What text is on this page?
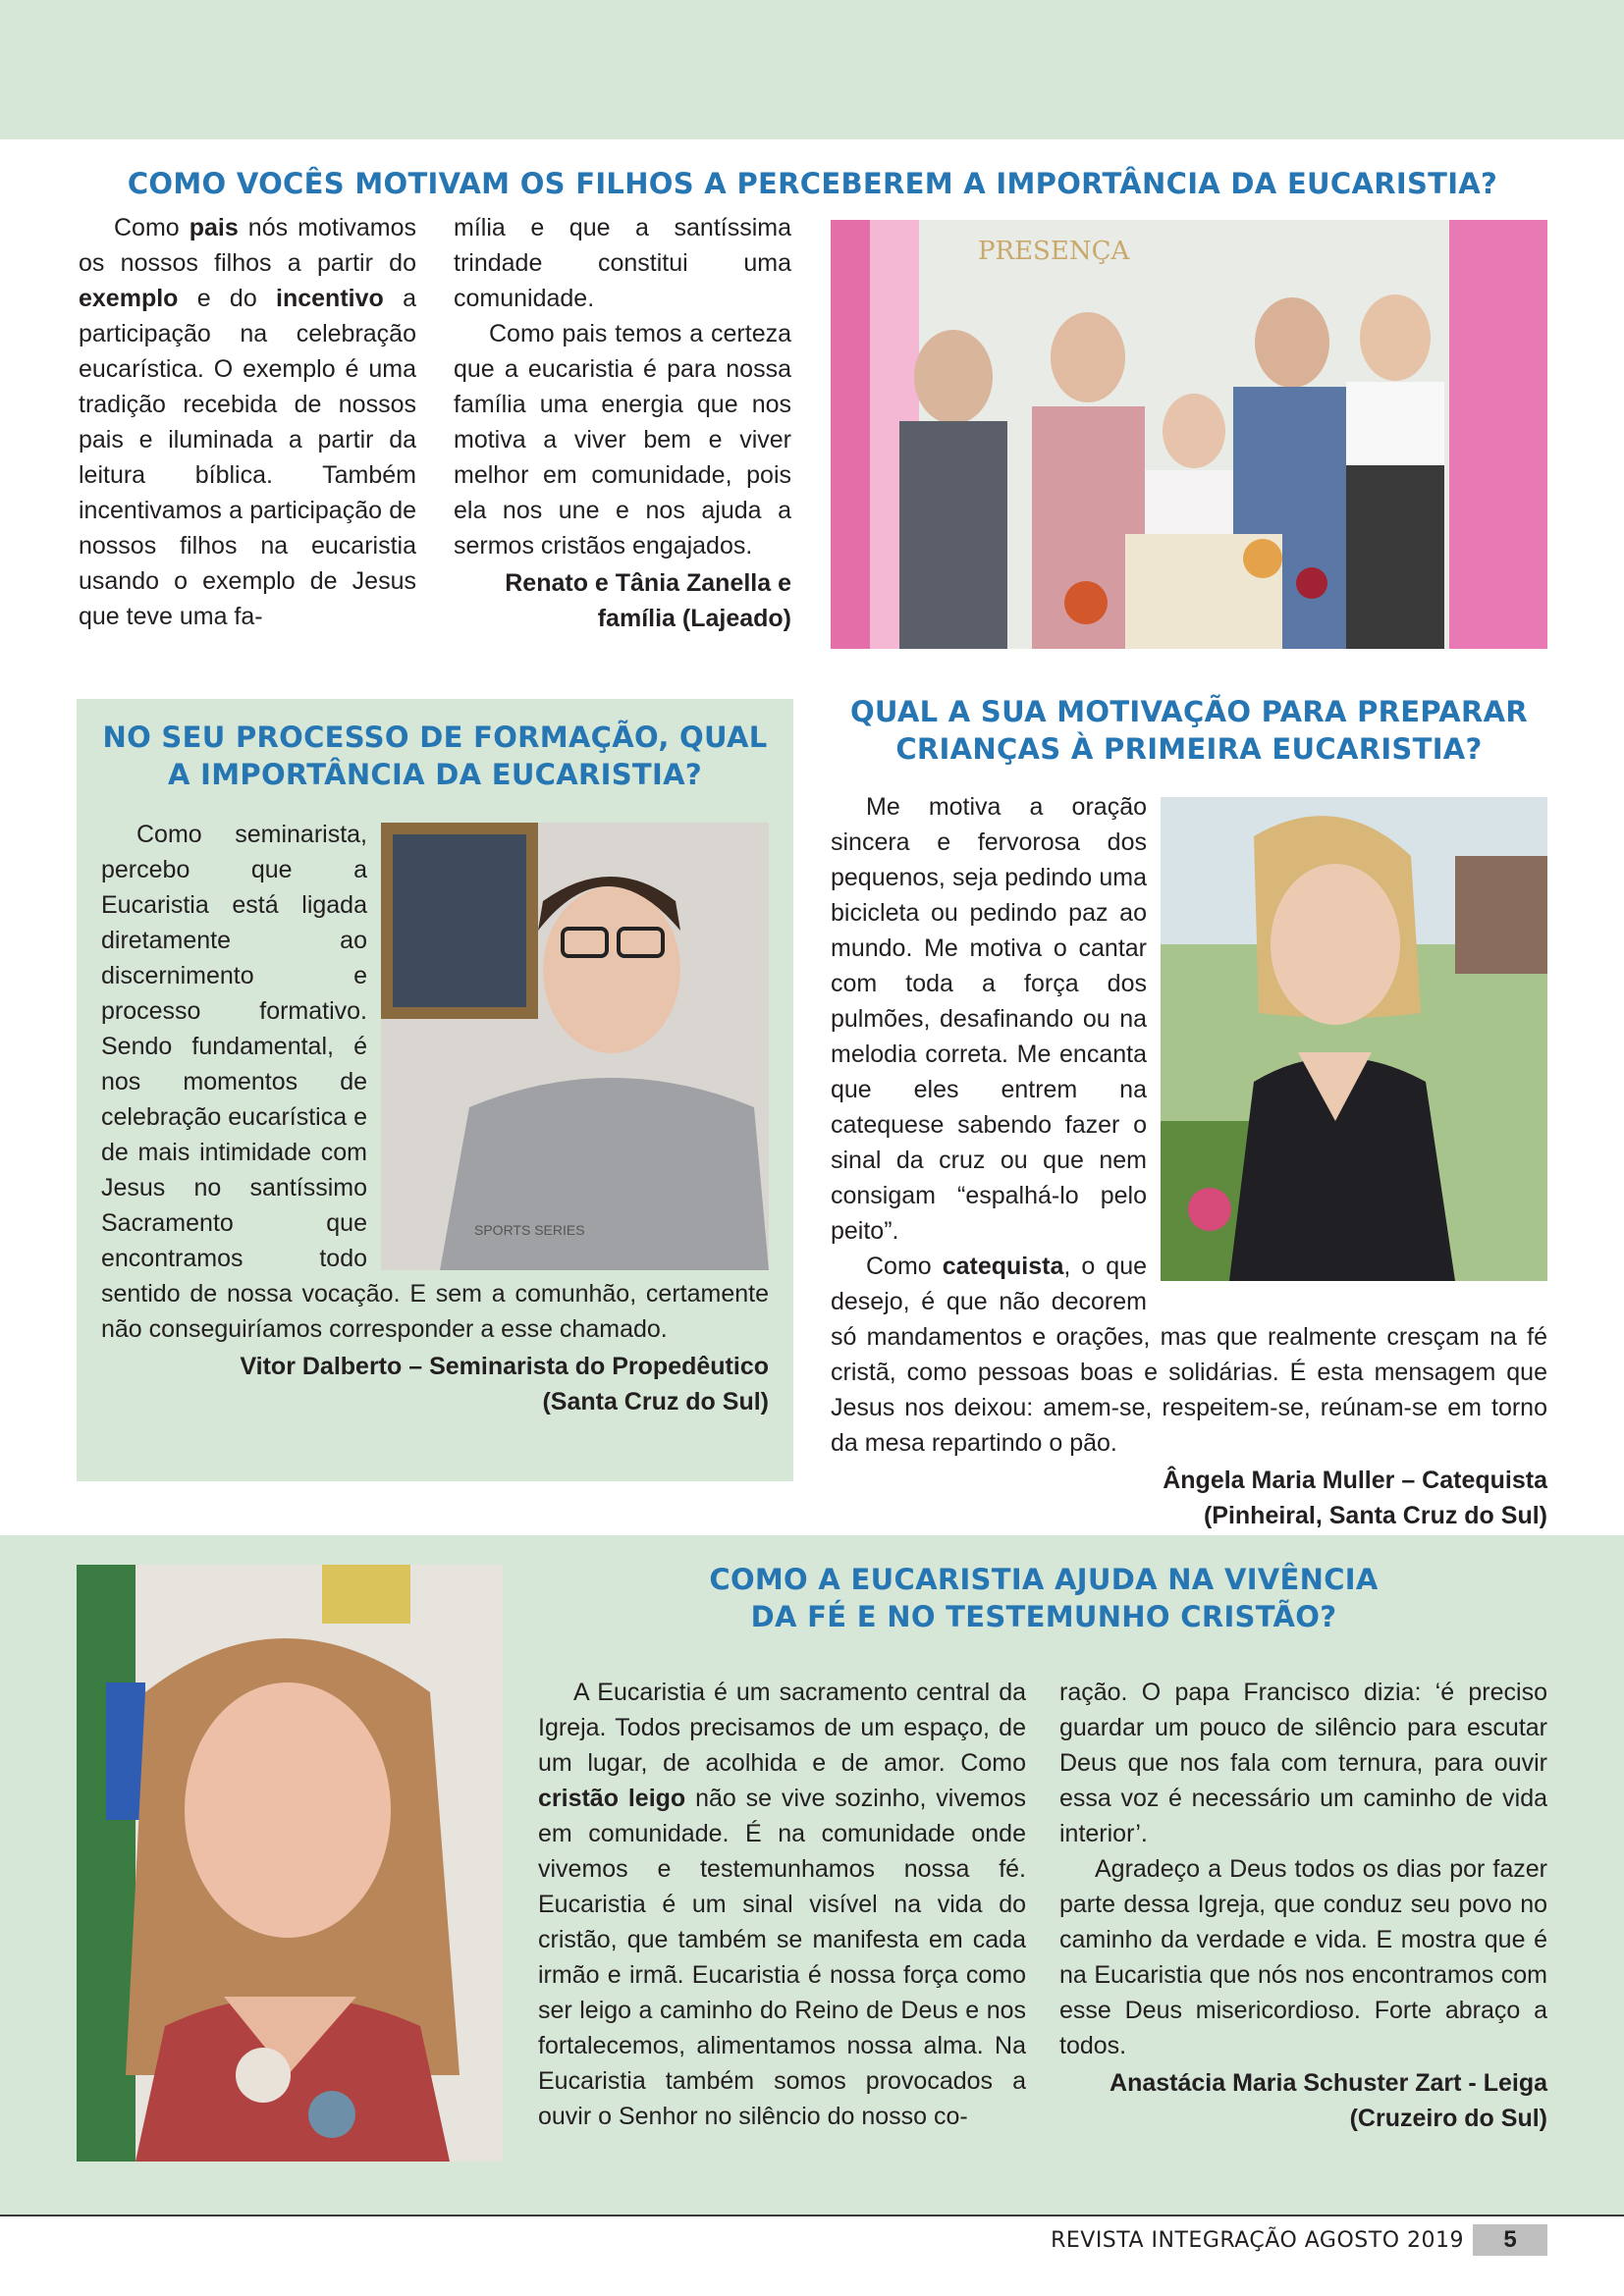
COMO VOCÊS MOTIVAM OS FILHOS A PERCEBEREM A IMPORTÂNCIA DA EUCARISTIA?

Como pais nós motivamos os nossos filhos a partir do exemplo e do incentivo a participação na celebração eucarística. O exemplo é uma tradição recebida de nossos pais e iluminada a partir da leitura bíblica. Também incentivamos a participação de nossos filhos na eucaristia usando o exemplo de Jesus que teve uma fa-

mília e que a santíssima trindade constitui uma comunidade.

Como pais temos a certeza que a eucaristia é para nossa família uma energia que nos motiva a viver bem e viver melhor em comunidade, pois ela nos une e nos ajuda a sermos cristãos engajados.

Renato e Tânia Zanella e
família (Lajeado)
PRESENÇA
NO SEU PROCESSO DE FORMAÇÃO, QUAL
A IMPORTÂNCIA DA EUCARISTIA?
SPORTS SERIES

Como seminarista, percebo que a Eucaristia está ligada diretamente ao discernimento e processo formativo. Sendo fundamental, é nos momentos de celebração eucarística e de mais intimidade com Jesus no santíssimo Sacramento que encontramos todo sentido de nossa vocação. E sem a comunhão, certamente não conseguiríamos corresponder a esse chamado.

Vitor Dalberto – Seminarista do Propedêutico
(Santa Cruz do Sul)
QUAL A SUA MOTIVAÇÃO PARA PREPARAR
CRIANÇAS À PRIMEIRA EUCARISTIA?

Me motiva a oração sincera e fervorosa dos pequenos, seja pedindo uma bicicleta ou pedindo paz ao mundo. Me motiva o cantar com toda a força dos pulmões, desafinando ou na melodia correta. Me encanta que eles entrem na catequese sabendo fazer o sinal da cruz ou que nem consigam “espalhá-lo pelo peito”.

Como catequista, o que desejo, é que não decorem só mandamentos e orações, mas que realmente cresçam na fé cristã, como pessoas boas e solidárias. É esta mensagem que Jesus nos deixou: amem-se, respeitem-se, reúnam-se em torno da mesa repartindo o pão.

Ângela Maria Muller – Catequista
(Pinheiral, Santa Cruz do Sul)
COMO A EUCARISTIA AJUDA NA VIVÊNCIA
DA FÉ E NO TESTEMUNHO CRISTÃO?

A Eucaristia é um sacramento central da Igreja. Todos precisamos de um espaço, de um lugar, de acolhida e de amor. Como cristão leigo não se vive sozinho, vivemos em comunidade. É na comunidade onde vivemos e testemunhamos nossa fé. Eucaristia é um sinal visível na vida do cristão, que também se manifesta em cada irmão e irmã. Eucaristia é nossa força como ser leigo a caminho do Reino de Deus e nos fortalecemos, alimentamos nossa alma. Na Eucaristia também somos provocados a ouvir o Senhor no silêncio do nosso co-

ração. O papa Francisco dizia: ‘é preciso guardar um pouco de silêncio para escutar Deus que nos fala com ternura, para ouvir essa voz é necessário um caminho de vida interior’.

Agradeço a Deus todos os dias por fazer parte dessa Igreja, que conduz seu povo no caminho da verdade e vida. E mostra que é na Eucaristia que nós nos encontramos com esse Deus misericordioso. Forte abraço a todos.

Anastácia Maria Schuster Zart - Leiga
(Cruzeiro do Sul)
REVISTA INTEGRAÇÃO AGOSTO 2019	5
